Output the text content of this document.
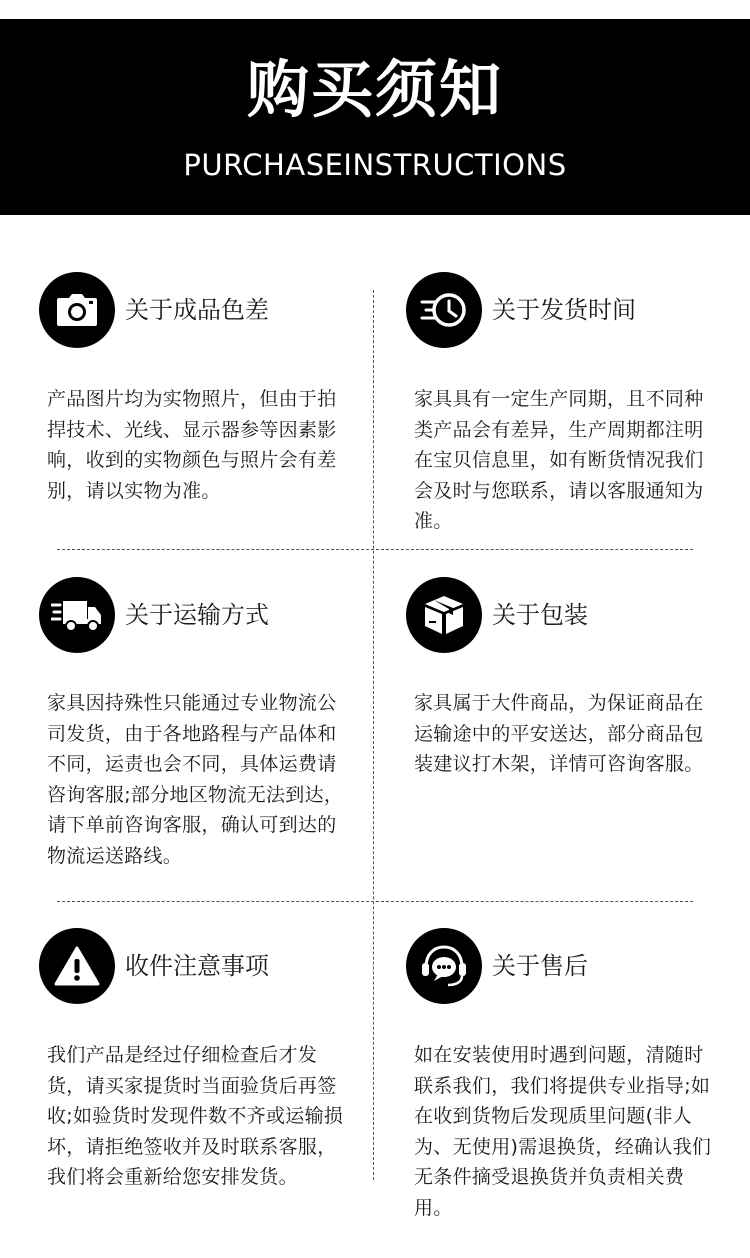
购买须知
PURCHASEINSTRUCTIONS
关于成品色差
产品图片均为实物照片，但由于拍捍技术、光线、显示器参等因素影响，收到的实物颜色与照片会有差别，请以实物为准。
关于发货时间
家具具有一定生产同期，且不同种类产品会有差异，生产周期都注明在宝贝信息里，如有断货情况我们会及时与您联系，请以客服通知为准。
关于运输方式
家具因持殊性只能通过专业物流公司发货，由于各地路程与产品体和不同，运责也会不同，具体运费请咨询客服;部分地区物流无法到达，请下单前咨询客服，确认可到达的物流运送路线。
关于包装
家具属于大件商品，为保证商品在运输途中的平安送达，部分商品包装建议打木架，详情可咨询客服。
收件注意事项
我们产品是经过仔细检查后才发货，请买家提货时当面验货后再签收;如验货时发现件数不齐或运输损坏，请拒绝签收并及时联系客服，我们将会重新给您安排发货。
关于售后
如在安装使用时遇到问题，清随时联系我们，我们将提供专业指导;如在收到货物后发现质里问题(非人为、无使用)需退换货，经确认我们无条件摘受退换货并负责相关费用。
